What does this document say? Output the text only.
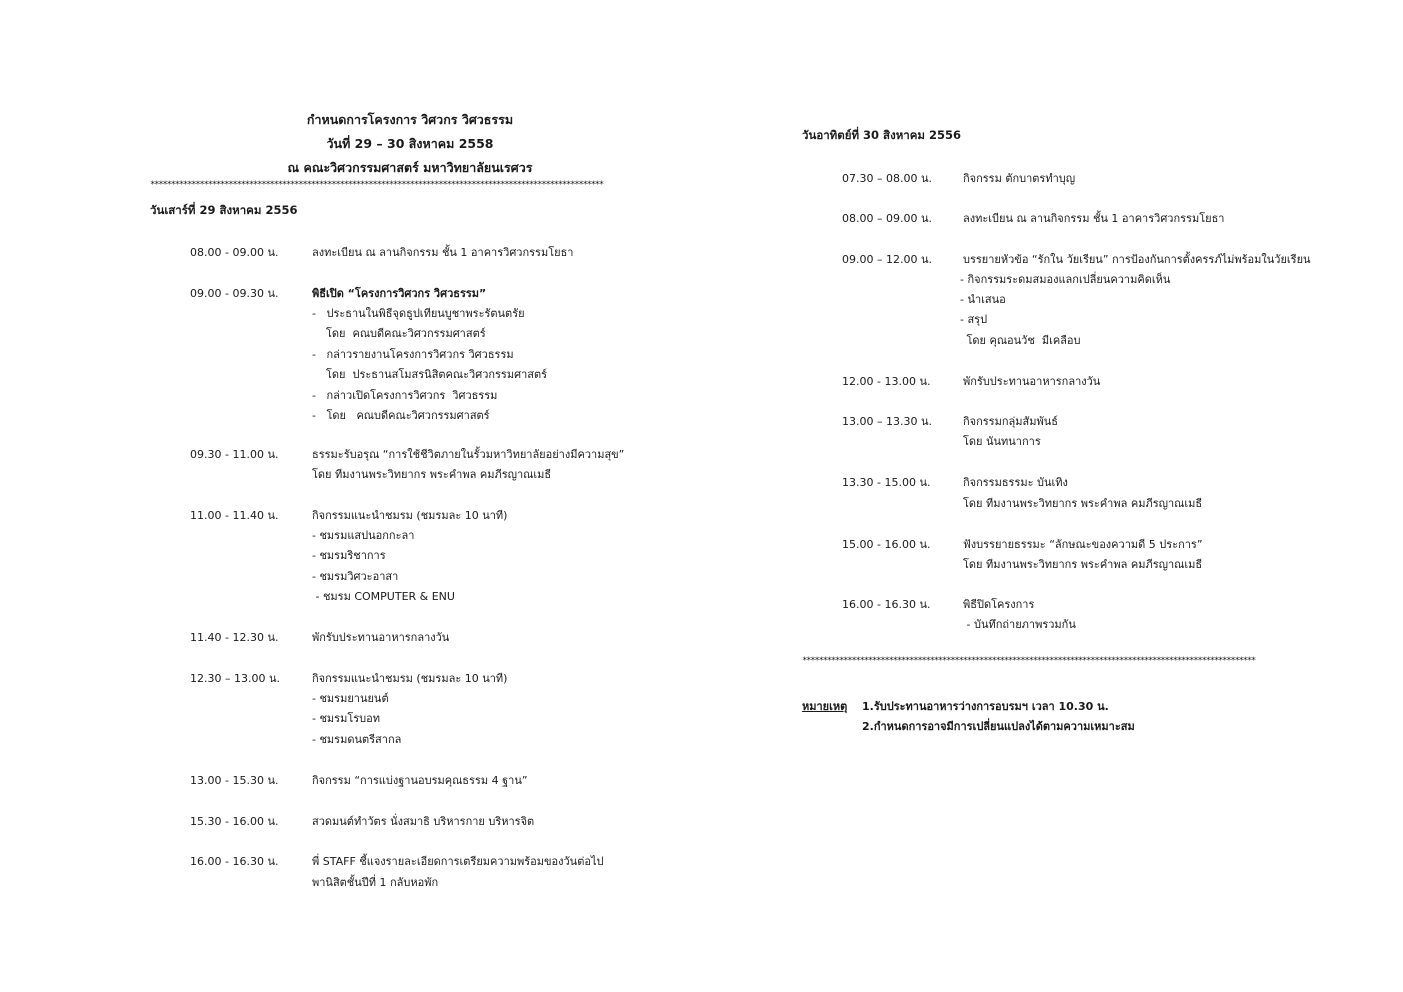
กำหนดการโครงการ วิศวกร วิศวธรรม
วันที่ 29 – 30 สิงหาคม 2558
ณ คณะวิศวกรรมศาสตร์ มหาวิทยาลัยนเรศวร
**************************************************************************************************************
วันเสาร์ที่ 29 สิงหาคม 2556
08.00 - 09.00 น.	ลงทะเบียน ณ ลานกิจกรรม ชั้น 1 อาคารวิศวกรรมโยธา
09.00 - 09.30 น.	พิธีเปิด “โครงการวิศวกร วิศวธรรม”
-   ประธานในพิธีจุดธูปเทียนบูชาพระรัตนตรัย
โดย  คณบดีคณะวิศวกรรมศาสตร์
-   กล่าวรายงานโครงการวิศวกร วิศวธรรม
โดย  ประธานสโมสรนิสิตคณะวิศวกรรมศาสตร์
-   กล่าวเปิดโครงการวิศวกร  วิศวธรรม
-   โดย   คณบดีคณะวิศวกรรมศาสตร์
09.30 - 11.00 น.	ธรรมะรับอรุณ “การใช้ชีวิตภายในรั้วมหาวิทยาลัยอย่างมีความสุข”
โดย ทีมงานพระวิทยากร พระคำพล คมภีรญาณเมธี
11.00 - 11.40 น.	กิจกรรมแนะนำชมรม (ชมรมละ 10 นาที)
- ชมรมแสปนอกกะลา
- ชมรมริชาการ
- ชมรมวิศวะอาสา
- ชมรม COMPUTER & ENU
11.40 - 12.30 น.	พักรับประทานอาหารกลางวัน
12.30 – 13.00 น.	กิจกรรมแนะนำชมรม (ชมรมละ 10 นาที)
- ชมรมยานยนต์
- ชมรมโรบอท
- ชมรมดนตรีสากล
13.00 - 15.30 น.	กิจกรรม “การแบ่งฐานอบรมคุณธรรม 4 ฐาน”
15.30 - 16.00 น.	สวดมนต์ทำวัตร นั่งสมาธิ บริหารกาย บริหารจิต
16.00 - 16.30 น.	พี่ STAFF ชี้แจงรายละเอียดการเตรียมความพร้อมของวันต่อไป
พานิสิตชั้นปีที่ 1 กลับหอพัก
วันอาทิตย์ที่ 30 สิงหาคม 2556
07.30 – 08.00 น.	กิจกรรม ตักบาตรทำบุญ
08.00 – 09.00 น.	ลงทะเบียน ณ ลานกิจกรรม ชั้น 1 อาคารวิศวกรรมโยธา
09.00 – 12.00 น.	บรรยายหัวข้อ “รักใน วัยเรียน” การป้องกันการตั้งครรภ์ไม่พร้อมในวัยเรียน
- กิจกรรมระดมสมองแลกเปลี่ยนความคิดเห็น
- นำเสนอ
- สรุป
โดย คุณอนวัช  มีเคลือบ
12.00 - 13.00 น.	พักรับประทานอาหารกลางวัน
13.00 – 13.30 น.	กิจกรรมกลุ่มสัมพันธ์
โดย นันทนาการ
13.30 - 15.00 น.	กิจกรรมธรรมะ บันเทิง
โดย ทีมงานพระวิทยากร พระคำพล คมภีรญาณเมธี
15.00 - 16.00 น.	ฟังบรรยายธรรมะ “ลักษณะของความดี 5 ประการ”
โดย ทีมงานพระวิทยากร พระคำพล คมภีรญาณเมธี
16.00 - 16.30 น.	พิธีปิดโครงการ
- บันทึกถ่ายภาพรวมกัน
**************************************************************************************************************
หมายเหตุ 1.รับประทานอาหารว่างการอบรมฯ เวลา 10.30 น.
2.กำหนดการอาจมีการเปลี่ยนแปลงได้ตามความเหมาะสม
